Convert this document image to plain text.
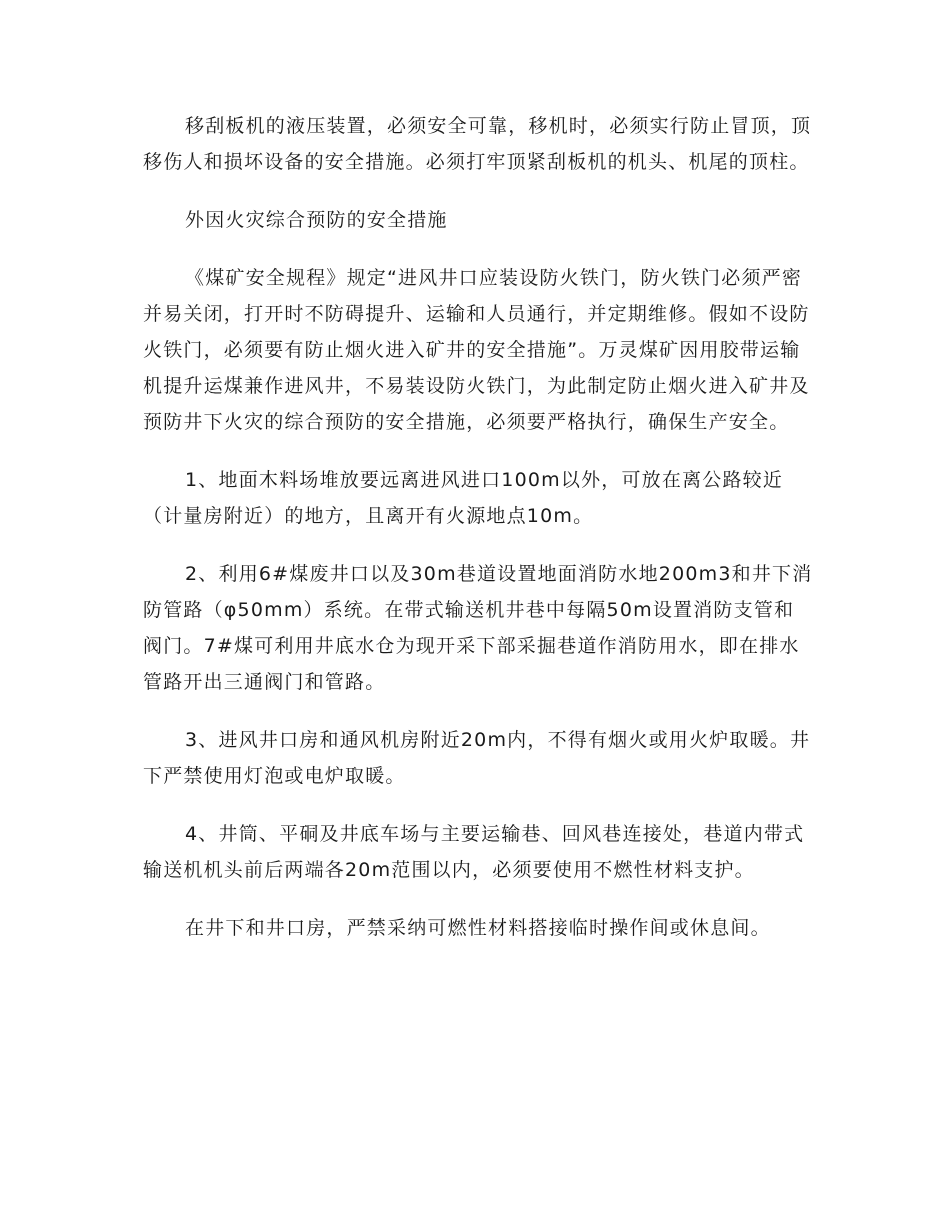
移刮板机的液压装置，必须安全可靠，移机时，必须实行防止冒顶，顶移伤人和损坏设备的安全措施。必须打牢顶紧刮板机的机头、机尾的顶柱。

外因火灾综合预防的安全措施

《煤矿安全规程》规定“进风井口应装设防火铁门，防火铁门必须严密并易关闭，打开时不防碍提升、运输和人员通行，并定期维修。假如不设防火铁门，必须要有防止烟火进入矿井的安全措施”。万灵煤矿因用胶带运输机提升运煤兼作进风井，不易装设防火铁门，为此制定防止烟火进入矿井及预防井下火灾的综合预防的安全措施，必须要严格执行，确保生产安全。

1、地面木料场堆放要远离进风进口100m以外，可放在离公路较近（计量房附近）的地方，且离开有火源地点10m。

2、利用6#煤废井口以及30m巷道设置地面消防水地200m3和井下消防管路（φ50mm）系统。在带式输送机井巷中每隔50m设置消防支管和阀门。7#煤可利用井底水仓为现开采下部采掘巷道作消防用水，即在排水管路开出三通阀门和管路。

3、进风井口房和通风机房附近20m内，不得有烟火或用火炉取暖。井下严禁使用灯泡或电炉取暖。

4、井筒、平硐及井底车场与主要运输巷、回风巷连接处，巷道内带式输送机机头前后两端各20m范围以内，必须要使用不燃性材料支护。

在井下和井口房，严禁采纳可燃性材料搭接临时操作间或休息间。
